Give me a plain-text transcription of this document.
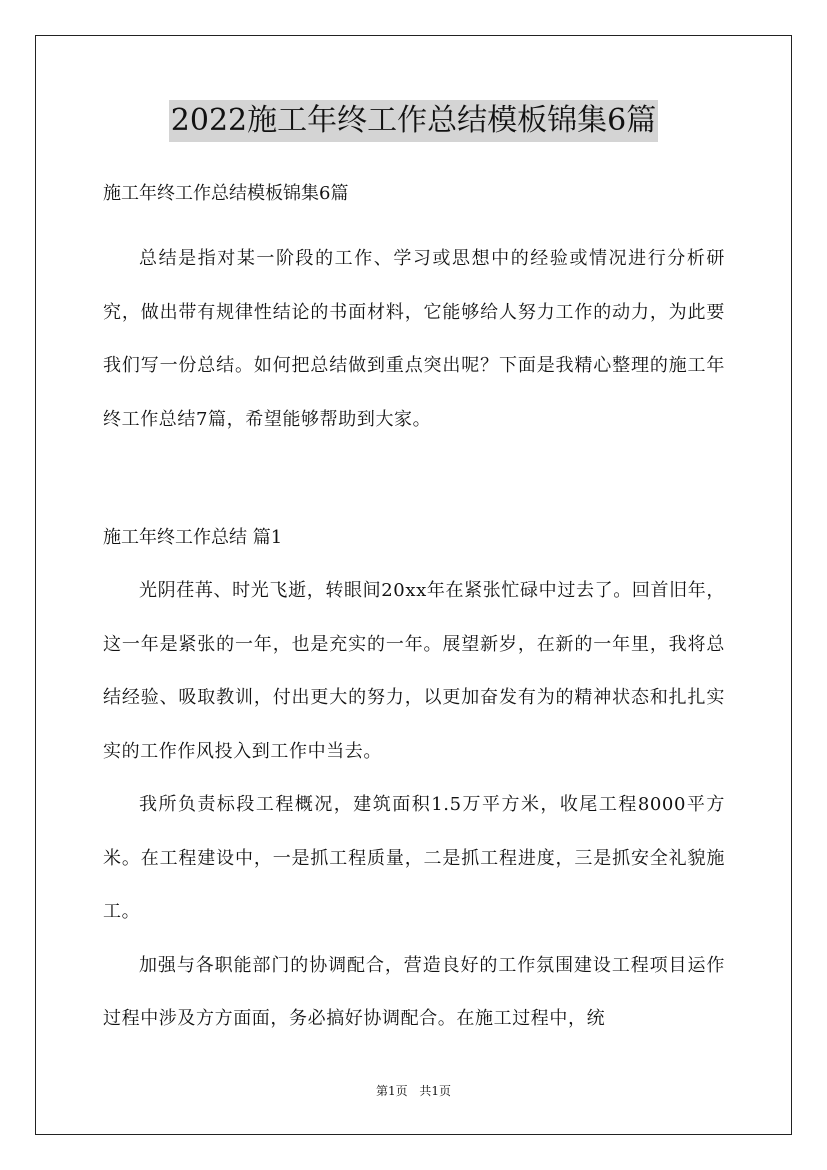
2022施工年终工作总结模板锦集6篇

施工年终工作总结模板锦集6篇

总结是指对某一阶段的工作、学习或思想中的经验或情况进行分析研究，做出带有规律性结论的书面材料，它能够给人努力工作的动力，为此要我们写一份总结。如何把总结做到重点突出呢？下面是我精心整理的施工年终工作总结7篇，希望能够帮助到大家。

施工年终工作总结 篇1

光阴荏苒、时光飞逝，转眼间20xx年在紧张忙碌中过去了。回首旧年，这一年是紧张的一年，也是充实的一年。展望新岁，在新的一年里，我将总结经验、吸取教训，付出更大的努力，以更加奋发有为的精神状态和扎扎实实的工作作风投入到工作中当去。

我所负责标段工程概况，建筑面积1.5万平方米，收尾工程8000平方米。在工程建设中，一是抓工程质量，二是抓工程进度，三是抓安全礼貌施工。

加强与各职能部门的协调配合，营造良好的工作氛围建设工程项目运作过程中涉及方方面面，务必搞好协调配合。在施工过程中，统

第1页 共1页
